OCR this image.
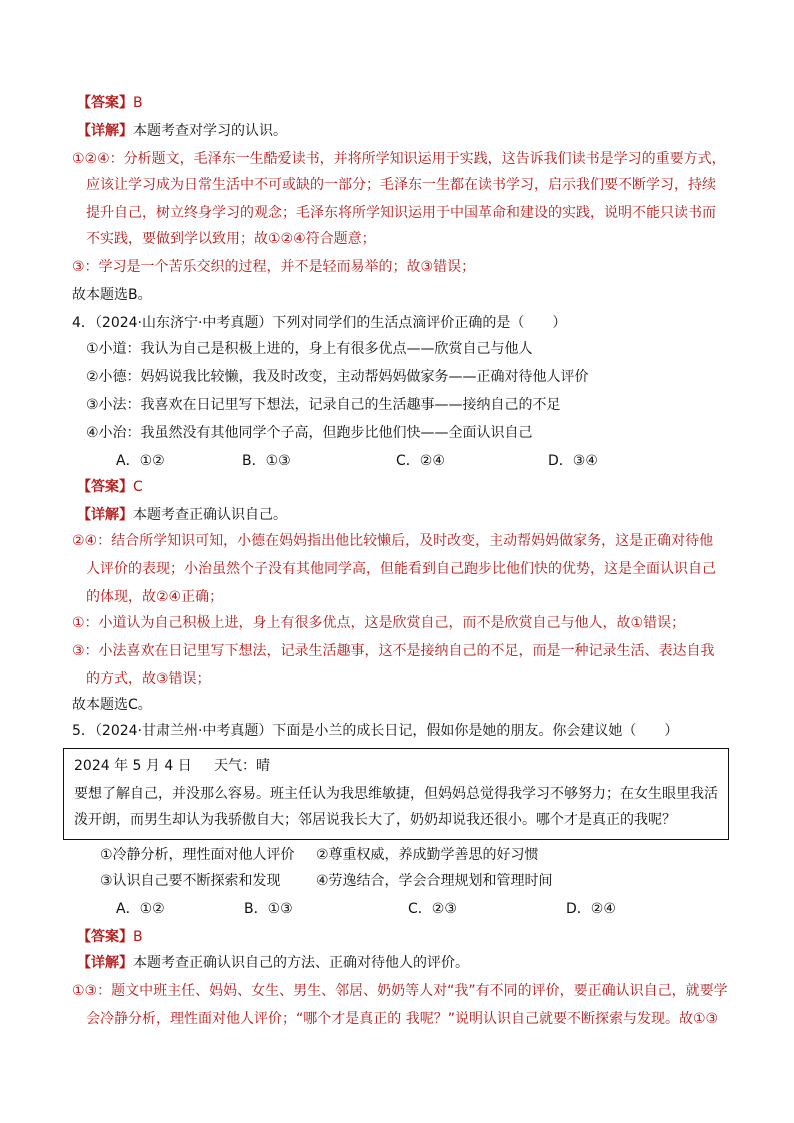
【答案】B
【详解】本题考查对学习的认识。
①②④：分析题文，毛泽东一生酷爱读书，并将所学知识运用于实践，这告诉我们读书是学习的重要方式，
应该让学习成为日常生活中不可或缺的一部分；毛泽东一生都在读书学习，启示我们要不断学习，持续
提升自己，树立终身学习的观念；毛泽东将所学知识运用于中国革命和建设的实践，说明不能只读书而
不实践，要做到学以致用；故①②④符合题意；
③：学习是一个苦乐交织的过程，并不是轻而易举的；故③错误；
故本题选B。
4．（2024·山东济宁·中考真题）下列对同学们的生活点滴评价正确的是（　　）
①小道：我认为自己是积极上进的，身上有很多优点——欣赏自己与他人
②小德：妈妈说我比较懒，我及时改变，主动帮妈妈做家务——正确对待他人评价
③小法：我喜欢在日记里写下想法，记录自己的生活趣事——接纳自己的不足
④小治：我虽然没有其他同学个子高，但跑步比他们快——全面认识自己
A．①②	B．①③	C．②④	D．③④
【答案】C
【详解】本题考查正确认识自己。
②④：结合所学知识可知，小德在妈妈指出他比较懒后，及时改变，主动帮妈妈做家务，这是正确对待他
人评价的表现；小治虽然个子没有其他同学高，但能看到自己跑步比他们快的优势，这是全面认识自己
的体现，故②④正确；
①：小道认为自己积极上进，身上有很多优点，这是欣赏自己，而不是欣赏自己与他人，故①错误；
③：小法喜欢在日记里写下想法，记录生活趣事，这不是接纳自己的不足，而是一种记录生活、表达自我
的方式，故③错误；
故本题选C。
5．（2024·甘肃兰州·中考真题）下面是小兰的成长日记，假如你是她的朋友。你会建议她（　　）
2024 年 5 月 4 日 天气：晴
要想了解自己，并没那么容易。班主任认为我思维敏捷，但妈妈总觉得我学习不够努力；在女生眼里我活
泼开朗，而男生却认为我骄傲自大；邻居说我长大了，奶奶却说我还很小。哪个才是真正的我呢？
①冷静分析，理性面对他人评价 ②尊重权威，养成勤学善思的好习惯
③认识自己要不断探索和发现	④劳逸结合，学会合理规划和管理时间
A．①②	B．①③	C．②③	D．②④
【答案】B
【详解】本题考查正确认识自己的方法、正确对待他人的评价。
①③：题文中班主任、妈妈、女生、男生、邻居、奶奶等人对“我”有不同的评价，要正确认识自己，就要学
会冷静分析，理性面对他人评价；“哪个才是真正的 我呢？”说明认识自己就要不断探索与发现。故①③
